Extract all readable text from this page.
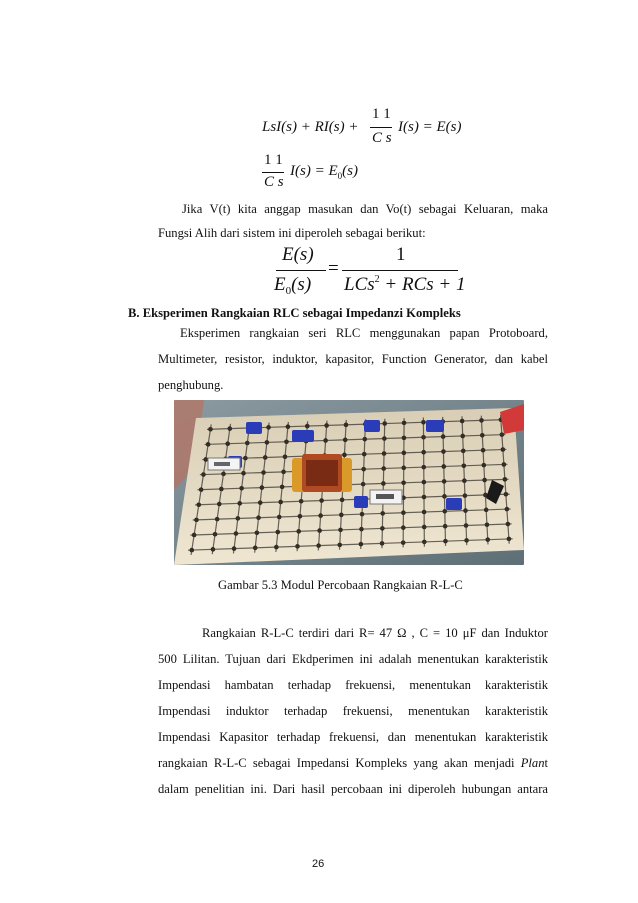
LsI(s) + RI(s) +
1 1
C s
I(s) = E(s)
1 1
C s
$I(s) = E_0(s)$
Jika V(t) kita anggap masukan dan Vo(t) sebagai Keluaran, maka
Fungsi Alih dari sistem ini diperoleh sebagai berikut:
E(s)
$E_0(s)$
=
1
LCs$^2$ + RCs + 1
B. Eksperimen Rangkaian RLC sebagai Impedanzi Kompleks
Eksperimen rangkaian seri RLC menggunakan papan Protoboard,
Multimeter, resistor, induktor, kapasitor, Function Generator, dan kabel
penghubung.
Gambar 5.3 Modul Percobaan Rangkaian R-L-C
Rangkaian R-L-C terdiri dari R= 47 Ω , C = 10 μF dan Induktor
500 Lilitan. Tujuan dari Ekdperimen ini adalah menentukan karakteristik
Impendasi hambatan terhadap frekuensi, menentukan karakteristik
Impendasi induktor terhadap frekuensi, menentukan karakteristik
Impendasi Kapasitor terhadap frekuensi, dan menentukan karakteristik
rangkaian R-L-C sebagai Impedansi Kompleks yang akan menjadi Plant
dalam penelitian ini. Dari hasil percobaan ini diperoleh hubungan antara
26
